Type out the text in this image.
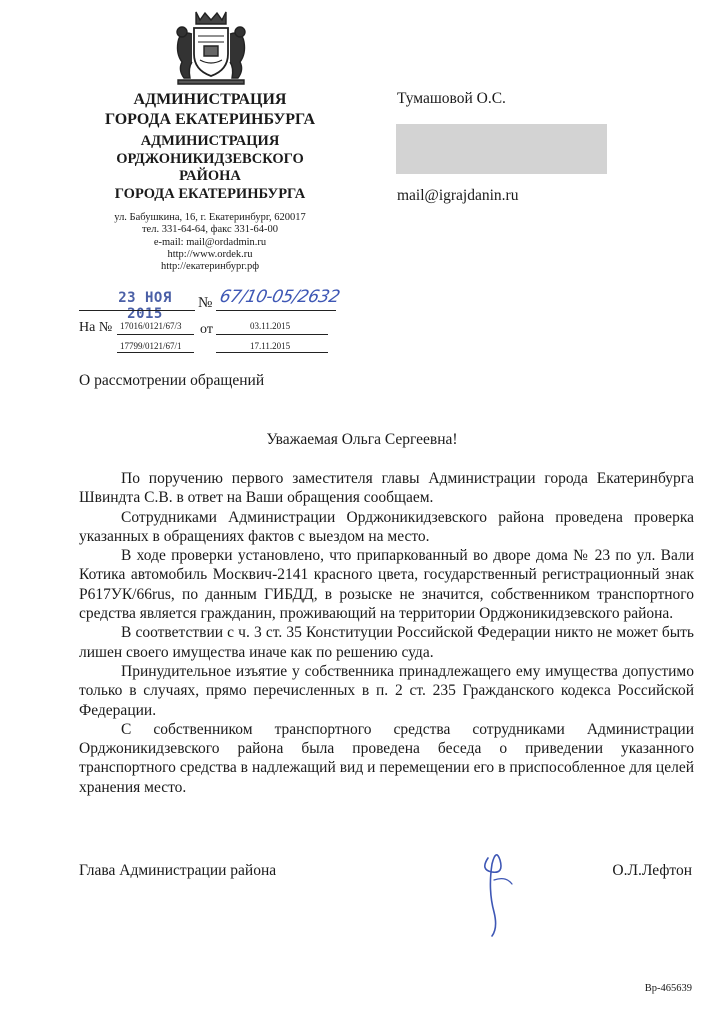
АДМИНИСТРАЦИЯ
ГОРОДА ЕКАТЕРИНБУРГА
АДМИНИСТРАЦИЯ
ОРДЖОНИКИДЗЕВСКОГО
РАЙОНА
ГОРОДА ЕКАТЕРИНБУРГА
ул. Бабушкина, 16, г. Екатеринбург, 620017
тел. 331-64-64, факс 331-64-00
e-mail: mail@ordadmin.ru
http://www.ordek.ru
http://екатеринбург.рф
Тумашовой О.С.
mail@igrajdanin.ru
23 НОЯ 2015
№ 67/10-05/2632
На № 17016/0121/67/3
17799/0121/67/1
от	03.11.2015
17.11.2015
О рассмотрении обращений
Уважаемая Ольга Сергеевна!

По поручению первого заместителя главы Администрации города Екатеринбурга Швиндта С.В. в ответ на Ваши обращения сообщаем.

Сотрудниками Администрации Орджоникидзевского района проведена проверка указанных в обращениях фактов с выездом на место.

В ходе проверки установлено, что припаркованный во дворе дома № 23 по ул. Вали Котика автомобиль Москвич-2141 красного цвета, государственный регистрационный знак Р617УК/66rus, по данным ГИБДД, в розыске не значится, собственником транспортного средства является гражданин, проживающий на территории Орджоникидзевского района.

В соответствии с ч. 3 ст. 35 Конституции Российской Федерации никто не может быть лишен своего имущества иначе как по решению суда.

Принудительное изъятие у собственника принадлежащего ему имущества допустимо только в случаях, прямо перечисленных в п. 2 ст. 235 Гражданского кодекса Российской Федерации.

С собственником транспортного средства сотрудниками Администрации Орджоникидзевского района была проведена беседа о приведении указанного транспортного средства в надлежащий вид и перемещении его в приспособленное для целей хранения место.

Глава Администрации района	О.Л.Лефтон
Вр-465639
